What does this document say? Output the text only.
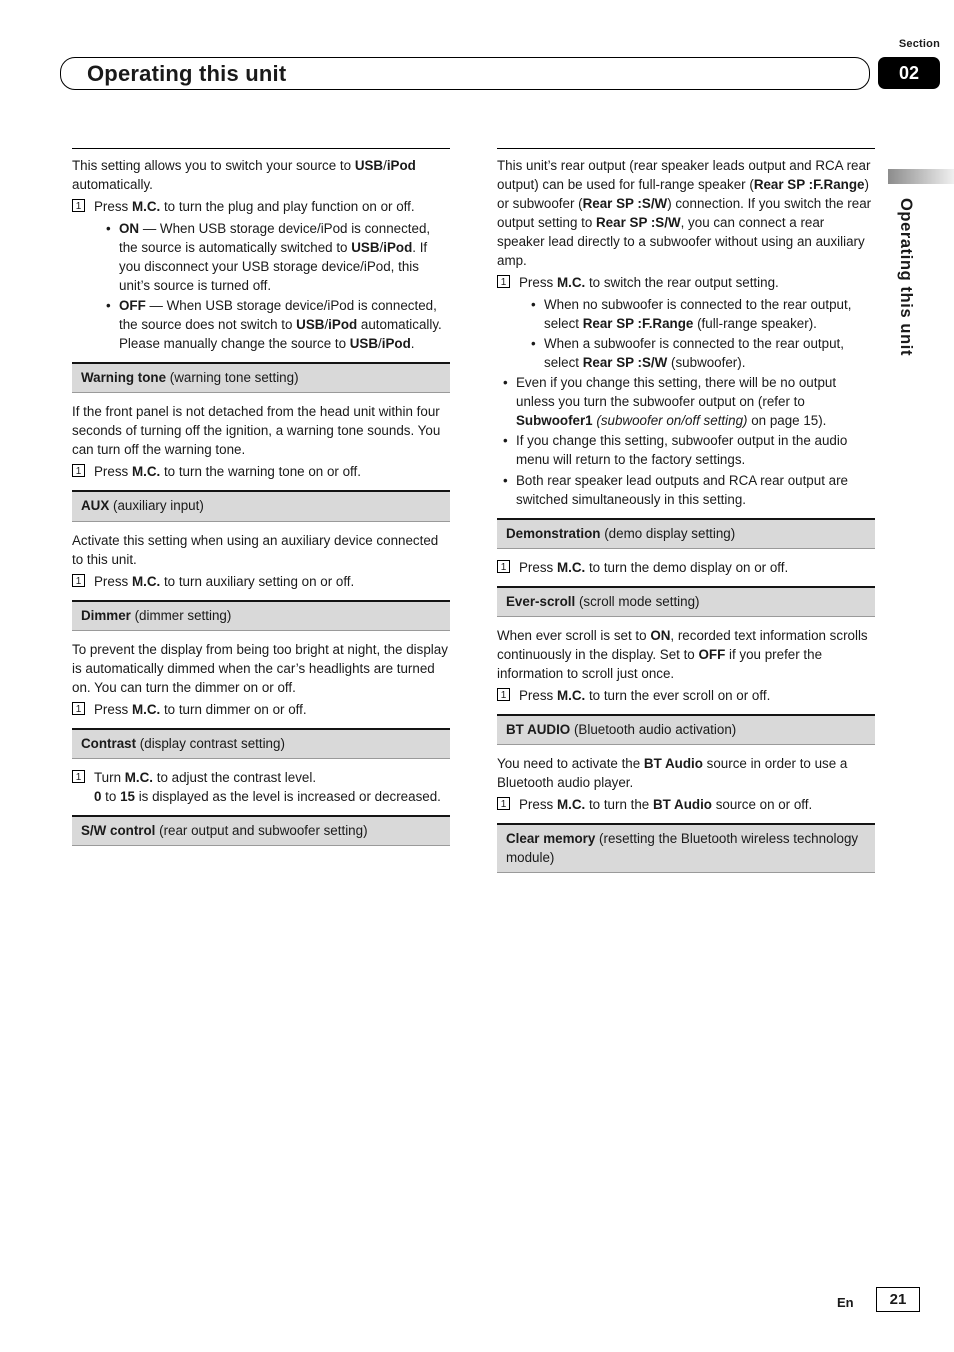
Section
02
Operating this unit
Operating this unit

This setting allows you to switch your source to USB/iPod automatically.

1 Press M.C. to turn the plug and play function on or off.
• ON — When USB storage device/iPod is connected, the source is automatically switched to USB/iPod. If you disconnect your USB storage device/iPod, this unit’s source is turned off.
• OFF — When USB storage device/iPod is connected, the source does not switch to USB/iPod automatically. Please manually change the source to USB/iPod.
Warning tone (warning tone setting)

If the front panel is not detached from the head unit within four seconds of turning off the ignition, a warning tone sounds. You can turn off the warning tone.

1 Press M.C. to turn the warning tone on or off.
AUX (auxiliary input)

Activate this setting when using an auxiliary device connected to this unit.

1 Press M.C. to turn auxiliary setting on or off.
Dimmer (dimmer setting)

To prevent the display from being too bright at night, the display is automatically dimmed when the car’s headlights are turned on. You can turn the dimmer on or off.

1 Press M.C. to turn dimmer on or off.
Contrast (display contrast setting)
1 Turn M.C. to adjust the contrast level.
0 to 15 is displayed as the level is increased or decreased.
S/W control (rear output and subwoofer setting)

This unit’s rear output (rear speaker leads output and RCA rear output) can be used for full-range speaker (Rear SP :F.Range) or subwoofer (Rear SP :S/W) connection. If you switch the rear output setting to Rear SP :S/W, you can connect a rear speaker lead directly to a subwoofer without using an auxiliary amp.

1 Press M.C. to switch the rear output setting.
• When no subwoofer is connected to the rear output, select Rear SP :F.Range (full-range speaker).
• When a subwoofer is connected to the rear output, select Rear SP :S/W (subwoofer).
• Even if you change this setting, there will be no output unless you turn the subwoofer output on (refer to Subwoofer1 (subwoofer on/off setting) on page 15).
• If you change this setting, subwoofer output in the audio menu will return to the factory settings.
• Both rear speaker lead outputs and RCA rear output are switched simultaneously in this setting.
Demonstration (demo display setting)
1 Press M.C. to turn the demo display on or off.
Ever-scroll (scroll mode setting)

When ever scroll is set to ON, recorded text information scrolls continuously in the display. Set to OFF if you prefer the information to scroll just once.

1 Press M.C. to turn the ever scroll on or off.
BT AUDIO (Bluetooth audio activation)

You need to activate the BT Audio source in order to use a Bluetooth audio player.

1 Press M.C. to turn the BT Audio source on or off.
Clear memory (resetting the Bluetooth wireless technology module)
En	21
